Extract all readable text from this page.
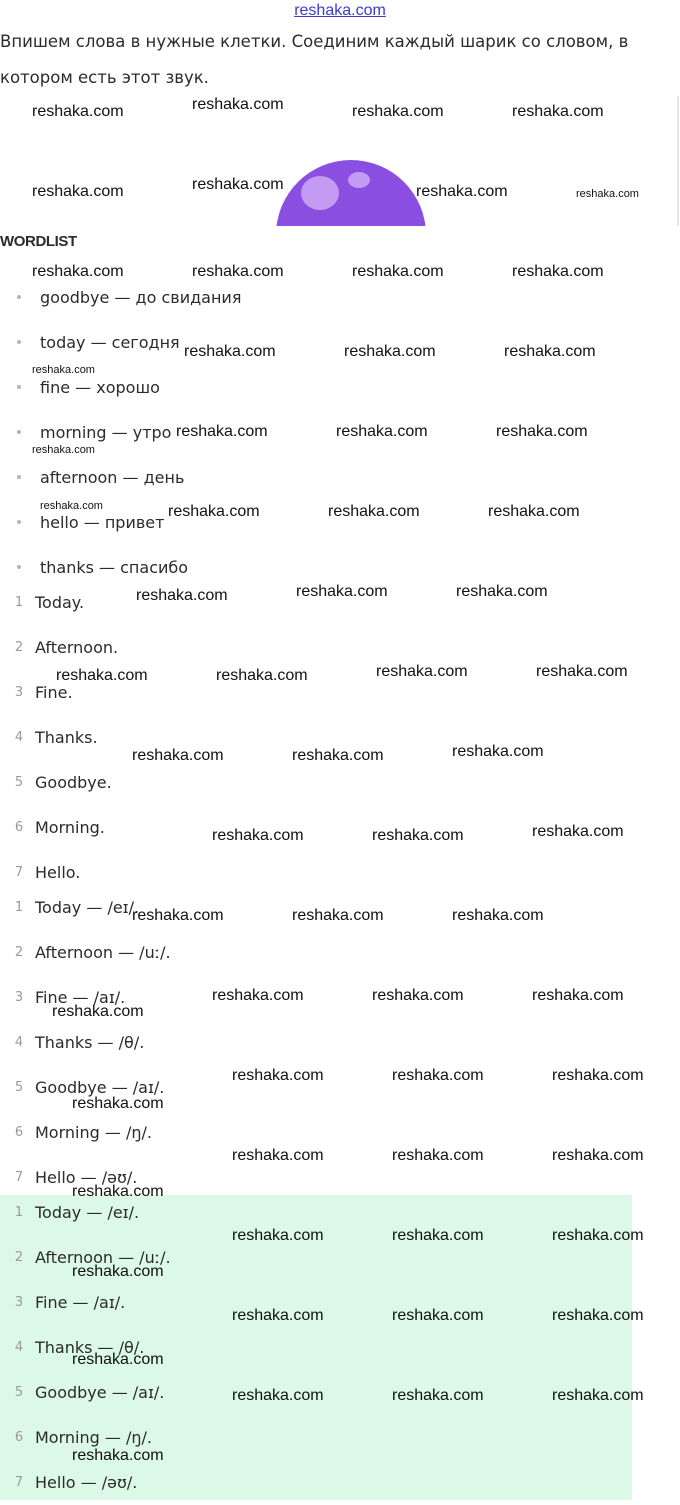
reshaka.com
Впишем слова в нужные клетки. Соединим каждый шарик со словом, в котором есть этот звук.
WORDLIST
goodbye — до свидания
today — сегодня
fine — хорошо
morning — утро
afternoon — день
hello — привет
thanks — спасибо
1 Today.
2 Afternoon.
3 Fine.
4 Thanks.
5 Goodbye.
6 Morning.
7 Hello.
1 Today — /eɪ/.
2 Afternoon — /uː/.
3 Fine — /aɪ/.
4 Thanks — /θ/.
5 Goodbye — /aɪ/.
6 Morning — /ŋ/.
7 Hello — /əʊ/.
1 Today — /eɪ/.
2 Afternoon — /uː/.
3 Fine — /aɪ/.
4 Thanks — /θ/.
5 Goodbye — /aɪ/.
6 Morning — /ŋ/.
7 Hello — /əʊ/.
reshaka.com	reshaka.com	reshaka.com	reshaka.com
reshaka.com	reshaka.com	reshaka.com	reshaka.com
reshaka.com	reshaka.com	reshaka.com	reshaka.com
reshaka.com	reshaka.com	reshaka.com
reshaka.com
reshaka.com	reshaka.com	reshaka.com
reshaka.com
reshaka.com	reshaka.com	reshaka.com	reshaka.com
reshaka.com	reshaka.com	reshaka.com
reshaka.com	reshaka.com	reshaka.com	reshaka.com
reshaka.com	reshaka.com	reshaka.com
reshaka.com	reshaka.com	reshaka.com
reshaka.com	reshaka.com	reshaka.com
reshaka.com	reshaka.com	reshaka.com
reshaka.com
reshaka.com	reshaka.com	reshaka.com
reshaka.com
reshaka.com	reshaka.com	reshaka.com
reshaka.com
reshaka.com	reshaka.com	reshaka.com
reshaka.com
reshaka.com	reshaka.com	reshaka.com
reshaka.com
reshaka.com	reshaka.com	reshaka.com
reshaka.com
